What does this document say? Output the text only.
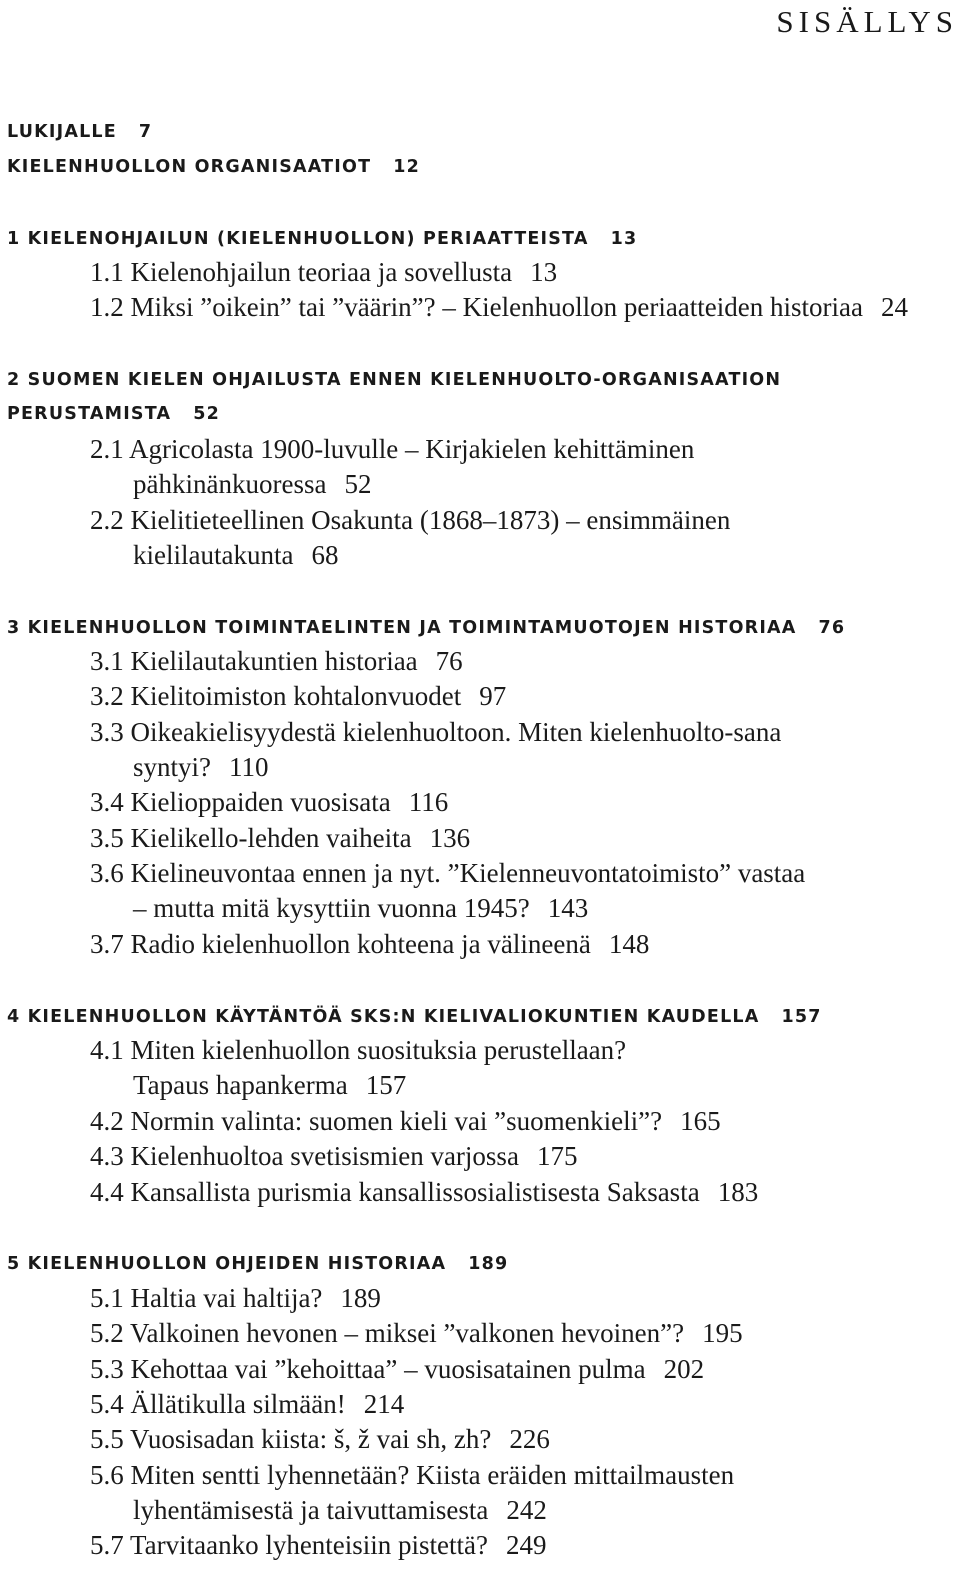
SISÄLLYS
LUKIJALLE 7
KIELENHUOLLON ORGANISAATIOT 12
1 KIELENOHJAILUN (KIELENHUOLLON) PERIAATTEISTA 13
1.1 Kielenohjailun teoriaa ja sovellusta 13
1.2 Miksi ”oikein” tai ”väärin”? – Kielenhuollon periaatteiden historiaa 24
2 SUOMEN KIELEN OHJAILUSTA ENNEN KIELENHUOLTO-ORGANISAATION
PERUSTAMISTA 52
2.1 Agricolasta 1900-luvulle – Kirjakielen kehittäminen
pähkinänkuoressa 52
2.2 Kielitieteellinen Osakunta (1868–1873) – ensimmäinen
kielilautakunta 68
3 KIELENHUOLLON TOIMINTAELINTEN JA TOIMINTAMUOTOJEN HISTORIAA 76
3.1 Kielilautakuntien historiaa 76
3.2 Kielitoimiston kohtalonvuodet 97
3.3 Oikeakielisyydestä kielenhuoltoon. Miten kielenhuolto-sana
syntyi? 110
3.4 Kielioppaiden vuosisata 116
3.5 Kielikello-lehden vaiheita 136
3.6 Kielineuvontaa ennen ja nyt. ”Kielenneuvontatoimisto” vastaa
– mutta mitä kysyttiin vuonna 1945? 143
3.7 Radio kielenhuollon kohteena ja välineenä 148
4 KIELENHUOLLON KÄYTÄNTÖÄ SKS:N KIELIVALIOKUNTIEN KAUDELLA 157
4.1 Miten kielenhuollon suosituksia perustellaan?
Tapaus hapankerma 157
4.2 Normin valinta: suomen kieli vai ”suomenkieli”? 165
4.3 Kielenhuoltoa svetisismien varjossa 175
4.4 Kansallista purismia kansallissosialistisesta Saksasta 183
5 KIELENHUOLLON OHJEIDEN HISTORIAA 189
5.1 Haltia vai haltija? 189
5.2 Valkoinen hevonen – miksei ”valkonen hevoinen”? 195
5.3 Kehottaa vai ”kehoittaa” – vuosisatainen pulma 202
5.4 Ällätikulla silmään! 214
5.5 Vuosisadan kiista: š, ž vai sh, zh? 226
5.6 Miten sentti lyhennetään? Kiista eräiden mittailmausten
lyhentämisestä ja taivuttamisesta 242
5.7 Tarvitaanko lyhenteisiin pistettä? 249
